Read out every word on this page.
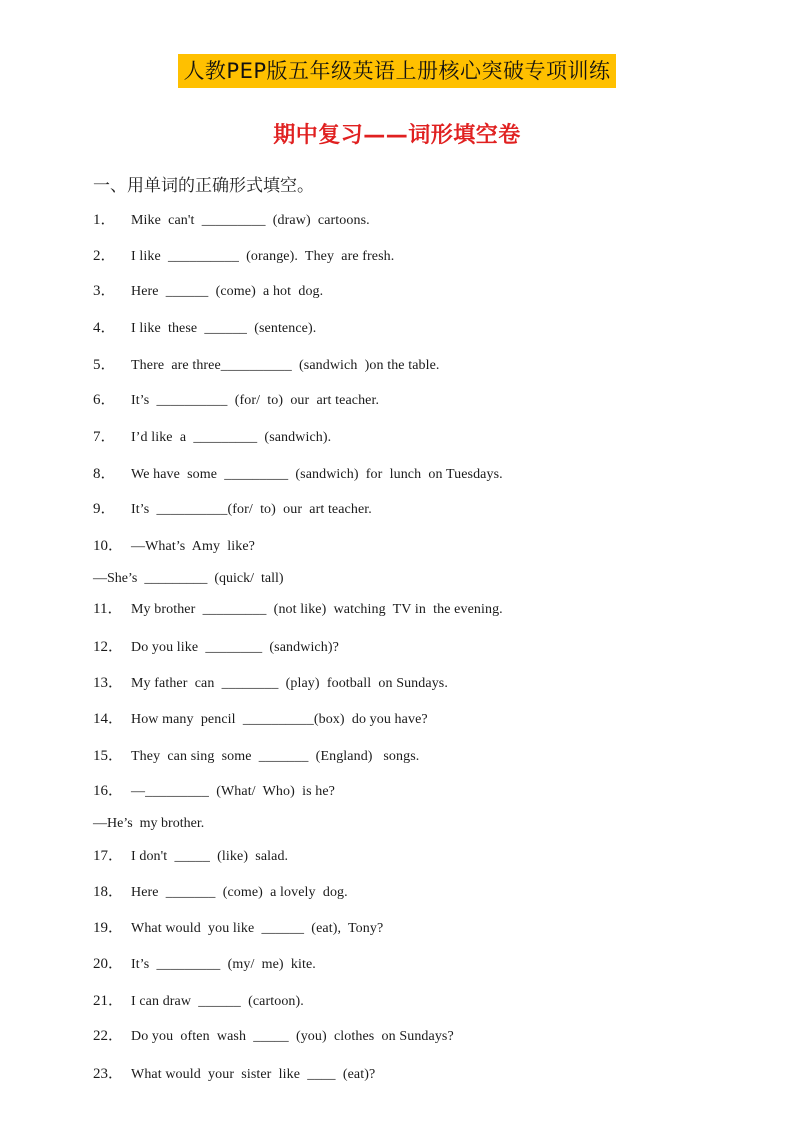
人教PEP版五年级英语上册核心突破专项训练
期中复习——词形填空卷
一、用单词的正确形式填空。
1． Mike  can't  _________  (draw)  cartoons.
2． I like  __________  (orange).  They  are fresh.
3． Here  ______  (come)  a hot  dog.
4． I like  these  ______  (sentence).
5． There  are three__________  (sandwich  )on the table.
6． It’s  __________  (for/  to)  our  art teacher.
7． I’d like  a  _________  (sandwich).
8． We have  some  _________  (sandwich)  for  lunch  on Tuesdays.
9． It’s  __________(for/  to)  our  art teacher.
10． —What’s  Amy  like?
—She’s  _________  (quick/  tall)
11． My brother  _________  (not like)  watching  TV in  the evening.
12． Do you like  ________  (sandwich)?
13． My father  can  ________  (play)  football  on Sundays.
14． How many  pencil  __________(box)  do you have?
15． They  can sing  some  _______  (England)   songs.
16． —_________  (What/  Who)  is he?
—He’s  my brother.
17． I don't  _____  (like)  salad.
18． Here  _______  (come)  a lovely  dog.
19． What would  you like  ______  (eat),  Tony?
20． It’s  _________  (my/  me)  kite.
21． I can draw  ______  (cartoon).
22． Do you  often  wash  _____  (you)  clothes  on Sundays?
23． What would  your  sister  like  ____  (eat)?
